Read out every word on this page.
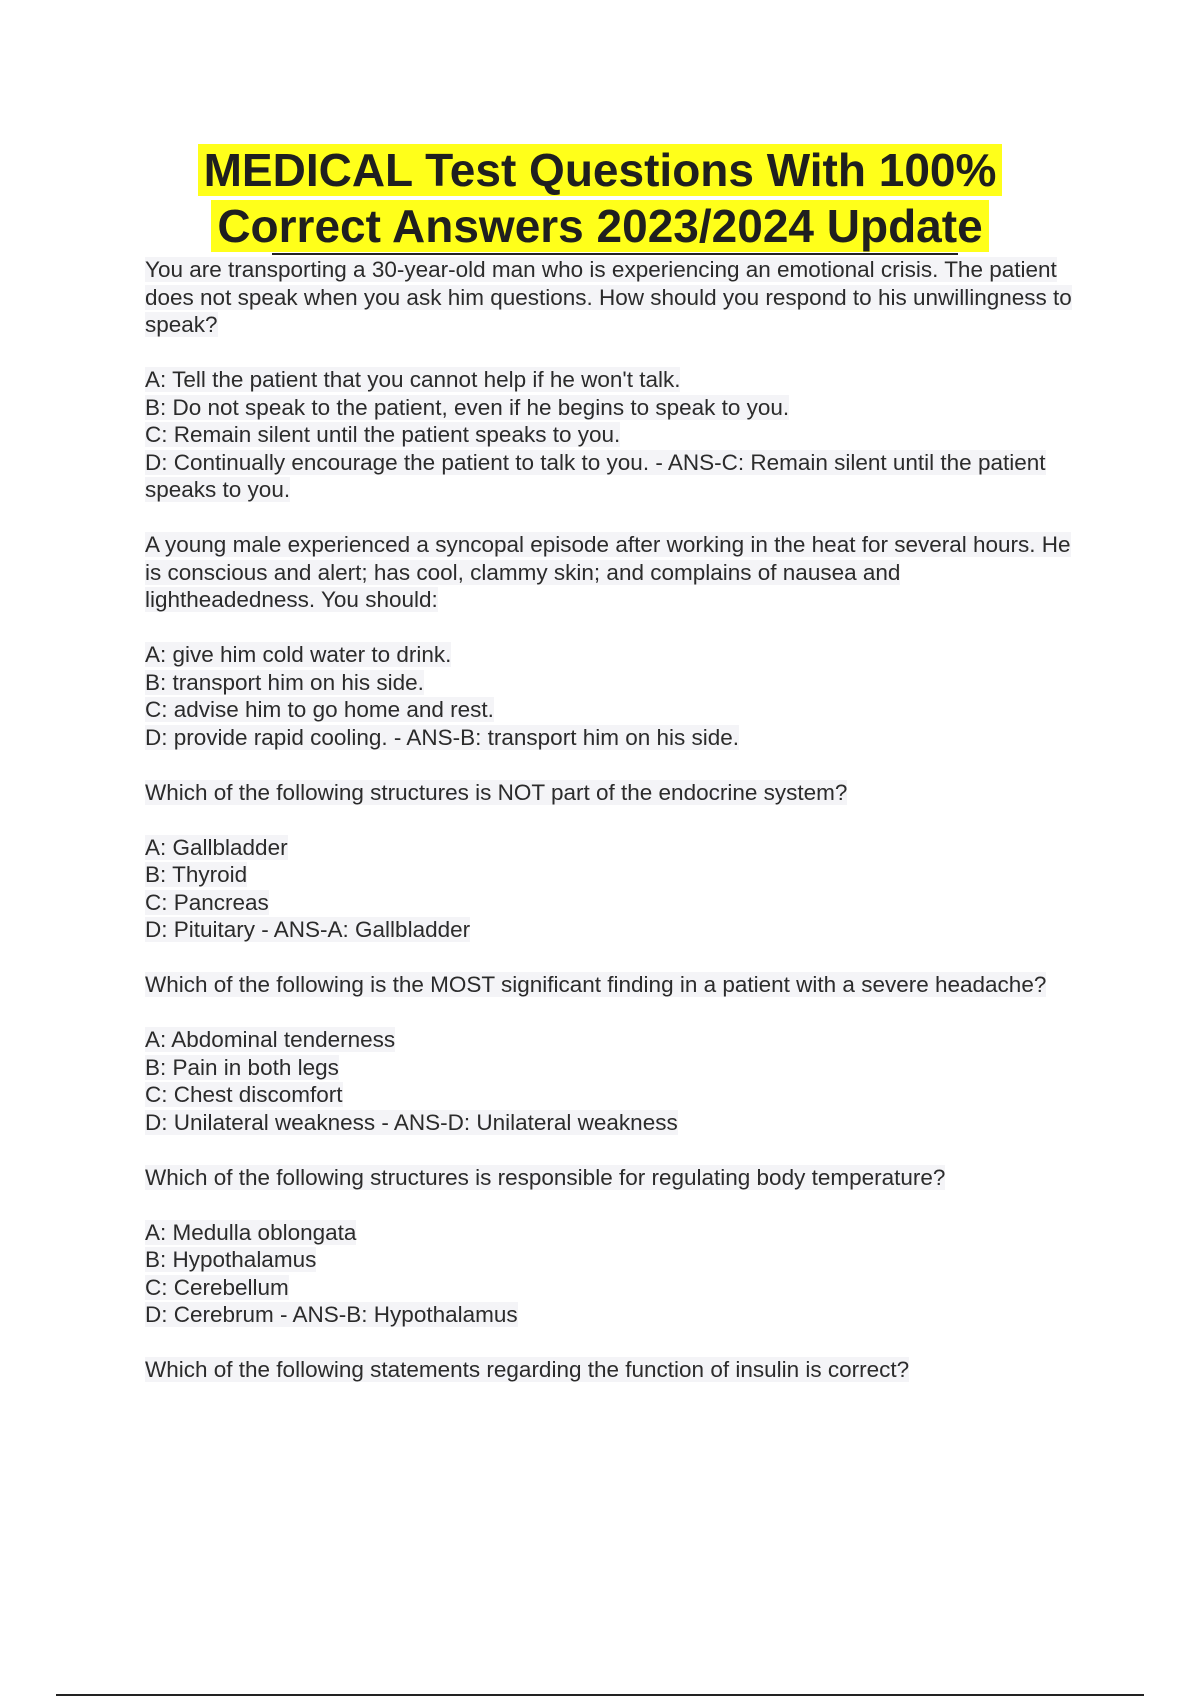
MEDICAL Test Questions With 100%
Correct Answers 2023/2024 Update
You are transporting a 30-year-old man who is experiencing an emotional crisis. The patient does not speak when you ask him questions. How should you respond to his unwillingness to speak?
A: Tell the patient that you cannot help if he won't talk.
B: Do not speak to the patient, even if he begins to speak to you.
C: Remain silent until the patient speaks to you.
D: Continually encourage the patient to talk to you. - ANS-C: Remain silent until the patient speaks to you.
A young male experienced a syncopal episode after working in the heat for several hours. He is conscious and alert; has cool, clammy skin; and complains of nausea and lightheadedness. You should:
A: give him cold water to drink.
B: transport him on his side.
C: advise him to go home and rest.
D: provide rapid cooling. - ANS-B: transport him on his side.
Which of the following structures is NOT part of the endocrine system?
A: Gallbladder
B: Thyroid
C: Pancreas
D: Pituitary - ANS-A: Gallbladder
Which of the following is the MOST significant finding in a patient with a severe headache?
A: Abdominal tenderness
B: Pain in both legs
C: Chest discomfort
D: Unilateral weakness - ANS-D: Unilateral weakness
Which of the following structures is responsible for regulating body temperature?
A: Medulla oblongata
B: Hypothalamus
C: Cerebellum
D: Cerebrum - ANS-B: Hypothalamus
Which of the following statements regarding the function of insulin is correct?
